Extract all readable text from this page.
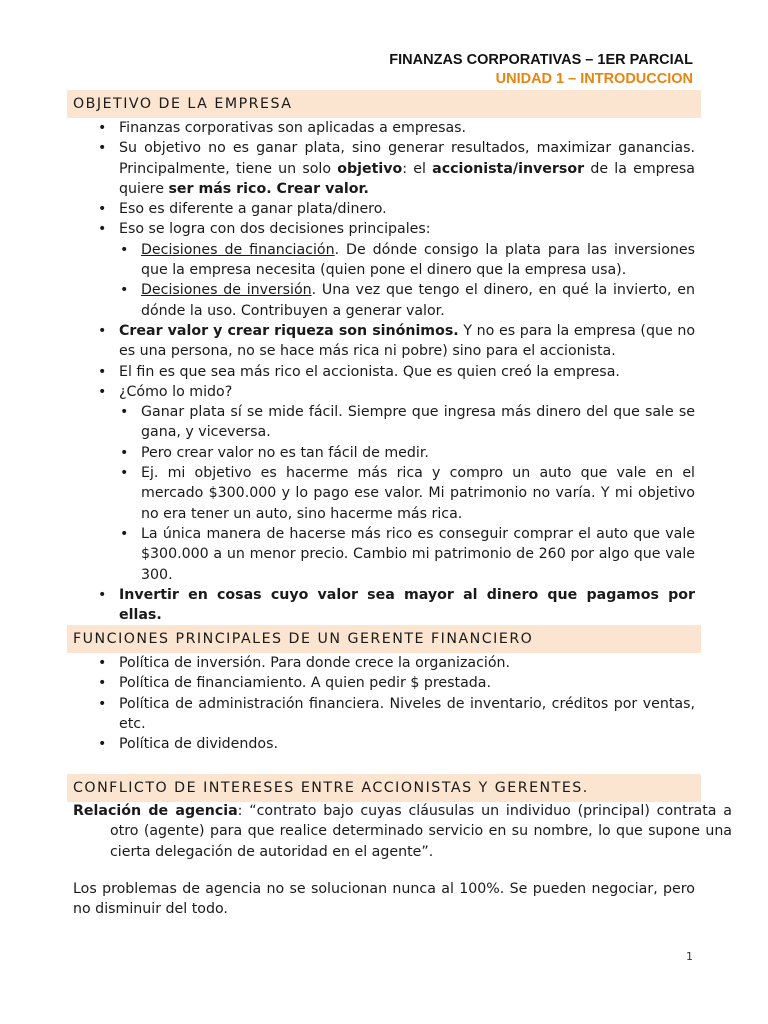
FINANZAS CORPORATIVAS – 1ER PARCIAL
UNIDAD 1 – INTRODUCCION
OBJETIVO DE LA EMPRESA
• Finanzas corporativas son aplicadas a empresas.
• Su objetivo no es ganar plata, sino generar resultados, maximizar ganancias. Principalmente, tiene un solo objetivo: el accionista/inversor de la empresa quiere ser más rico. Crear valor.
• Eso es diferente a ganar plata/dinero.
• Eso se logra con dos decisiones principales:
• Decisiones de financiación. De dónde consigo la plata para las inversiones que la empresa necesita (quien pone el dinero que la empresa usa).
• Decisiones de inversión. Una vez que tengo el dinero, en qué la invierto, en dónde la uso. Contribuyen a generar valor.
• Crear valor y crear riqueza son sinónimos. Y no es para la empresa (que no es una persona, no se hace más rica ni pobre) sino para el accionista.
• El fin es que sea más rico el accionista. Que es quien creó la empresa.
• ¿Cómo lo mido?
• Ganar plata sí se mide fácil. Siempre que ingresa más dinero del que sale se gana, y viceversa.
• Pero crear valor no es tan fácil de medir.
• Ej. mi objetivo es hacerme más rica y compro un auto que vale en el mercado $300.000 y lo pago ese valor. Mi patrimonio no varía. Y mi objetivo no era tener un auto, sino hacerme más rica.
• La única manera de hacerse más rico es conseguir comprar el auto que vale $300.000 a un menor precio. Cambio mi patrimonio de 260 por algo que vale 300.
• Invertir en cosas cuyo valor sea mayor al dinero que pagamos por ellas.
FUNCIONES PRINCIPALES DE UN GERENTE FINANCIERO
• Política de inversión. Para donde crece la organización.
• Política de financiamiento. A quien pedir $ prestada.
• Política de administración financiera. Niveles de inventario, créditos por ventas, etc.
• Política de dividendos.
CONFLICTO DE INTERESES ENTRE ACCIONISTAS Y GERENTES.

Relación de agencia: “contrato bajo cuyas cláusulas un individuo (principal) contrata a otro (agente) para que realice determinado servicio en su nombre, lo que supone una cierta delegación de autoridad en el agente”.

Los problemas de agencia no se solucionan nunca al 100%. Se pueden negociar, pero no disminuir del todo.

1
